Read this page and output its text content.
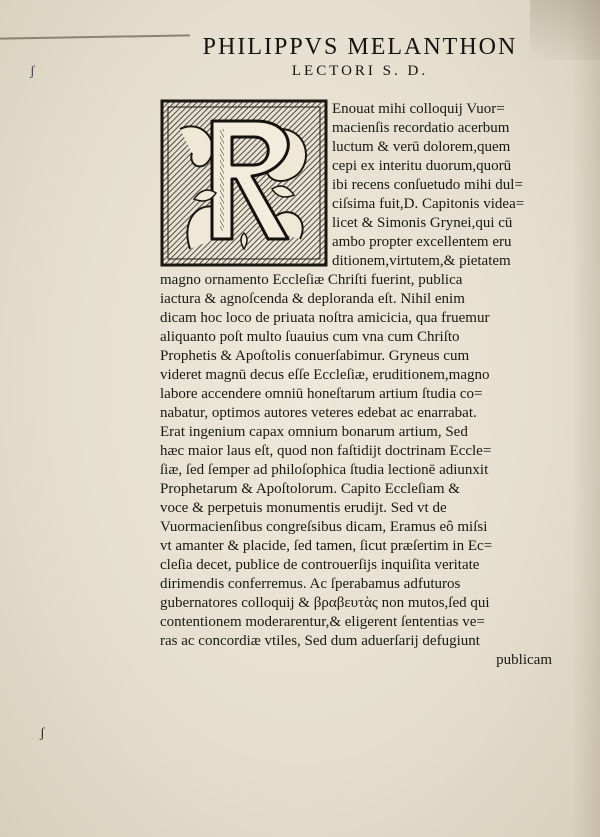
ʃ
ʃ

PHILIPPVS MELANTHON

LECTORI S. D.

Enouat mihi colloquij Vuor=
macienſis recordatio acerbum
luctum & verū dolorem,quem
cepi ex interitu duorum,quorū
ibi recens conſuetudo mihi dul=
ciſsima fuit,D. Capitonis videa=
licet & Simonis Grynei,qui cū
ambo propter excellentem eru
ditionem,virtutem,& pietatem
magno ornamento Eccleſiæ Chriſti fuerint, publica
iactura & agnoſcenda & deploranda eſt. Nihil enim
dicam hoc loco de priuata noſtra amicicia, qua fruemur
aliquanto poſt multo ſuauius cum vna cum Chriſto
Prophetis & Apoſtolis conuerſabimur. Gryneus cum
videret magnū decus eſſe Eccleſiæ, eruditionem,magno
labore accendere omniū honeſtarum artium ſtudia co=
nabatur, optimos autores veteres edebat ac enarrabat.
Erat ingenium capax omnium bonarum artium, Sed
hæc maior laus eſt, quod non faſtidijt doctrinam Eccle=
ſiæ, ſed ſemper ad philoſophica ſtudia lectionē adiunxit
Prophetarum & Apoſtolorum. Capito Eccleſiam &
voce & perpetuis monumentis erudijt. Sed vt de
Vuormacienſibus congreſsibus dicam, Eramus eô miſsi
vt amanter & placide, ſed tamen, ſicut præſertim in Ec=
cleſia decet, publice de controuerſijs inquiſita veritate
dirimendis conferremus. Ac ſperabamus adfuturos
gubernatores colloquij & βραβευτὰς non mutos,ſed qui
contentionem moderarentur,& eligerent ſententias ve=
ras ac concordiæ vtiles, Sed dum aduerſarij defugiunt
publicam
